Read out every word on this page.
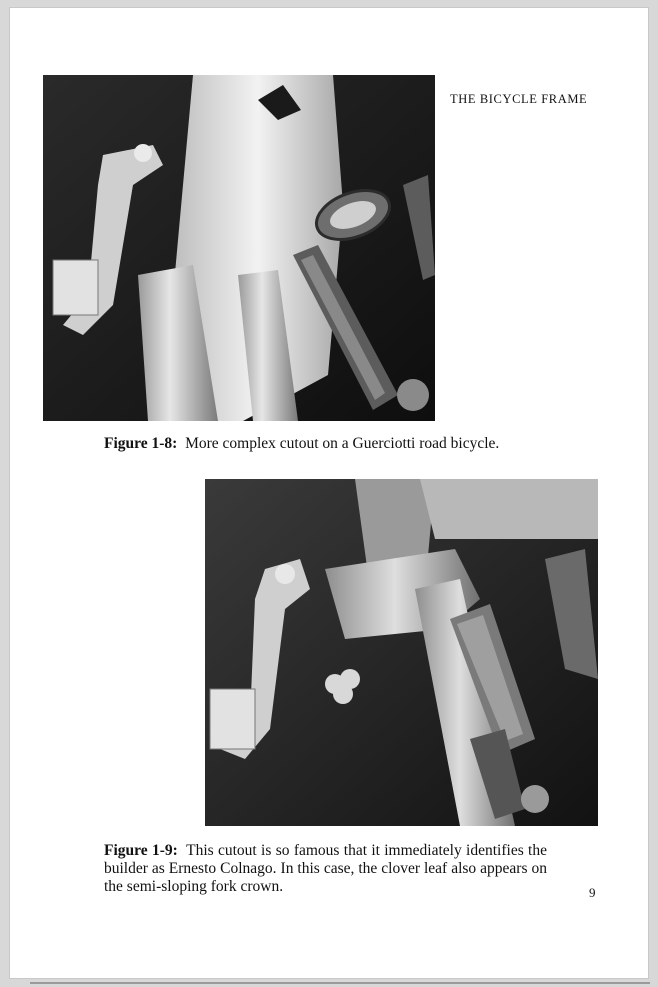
THE BICYCLE FRAME
Figure 1-8: More complex cutout on a Guerciotti road bicycle.
Figure 1-9: This cutout is so famous that it immediately identifies the builder as Ernesto Colnago. In this case, the clover leaf also appears on the semi-sloping fork crown.	9
